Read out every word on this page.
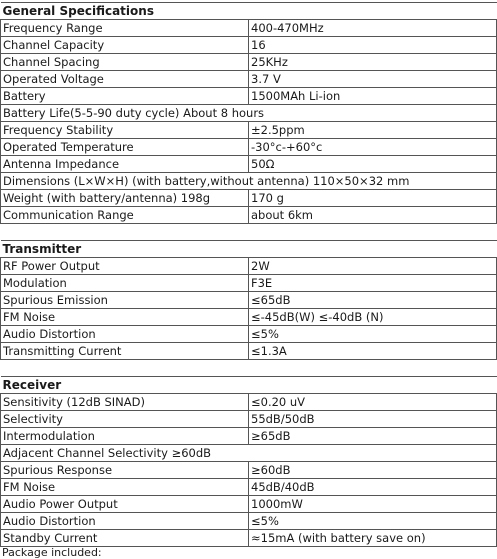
General Specifications	
Frequency Range	400-470MHz
Channel Capacity	16
Channel Spacing	25KHz
Operated Voltage	3.7 V
Battery	1500MAh Li-ion
Battery Life(5-5-90 duty cycle) About 8 hours	
Frequency Stability	±2.5ppm
Operated Temperature	-30°c-+60°c
Antenna Impedance	50Ω
Dimensions (L×W×H) (with battery,without antenna) 110×50×32 mm	
Weight (with battery/antenna) 198g	170 g
Communication Range	about 6km

Transmitter	
RF Power Output	2W
Modulation	F3E
Spurious Emission	≤65dB
FM Noise	≤-45dB(W) ≤-40dB (N)
Audio Distortion	≤5%
Transmitting Current	≤1.3A

Receiver	
Sensitivity (12dB SINAD)	≤0.20 uV
Selectivity	55dB/50dB
Intermodulation	≥65dB
Adjacent Channel Selectivity ≥60dB	
Spurious Response	≥60dB
FM Noise	45dB/40dB
Audio Power Output	1000mW
Audio Distortion	≤5%
Standby Current	≈15mA (with battery save on)
Package included:
